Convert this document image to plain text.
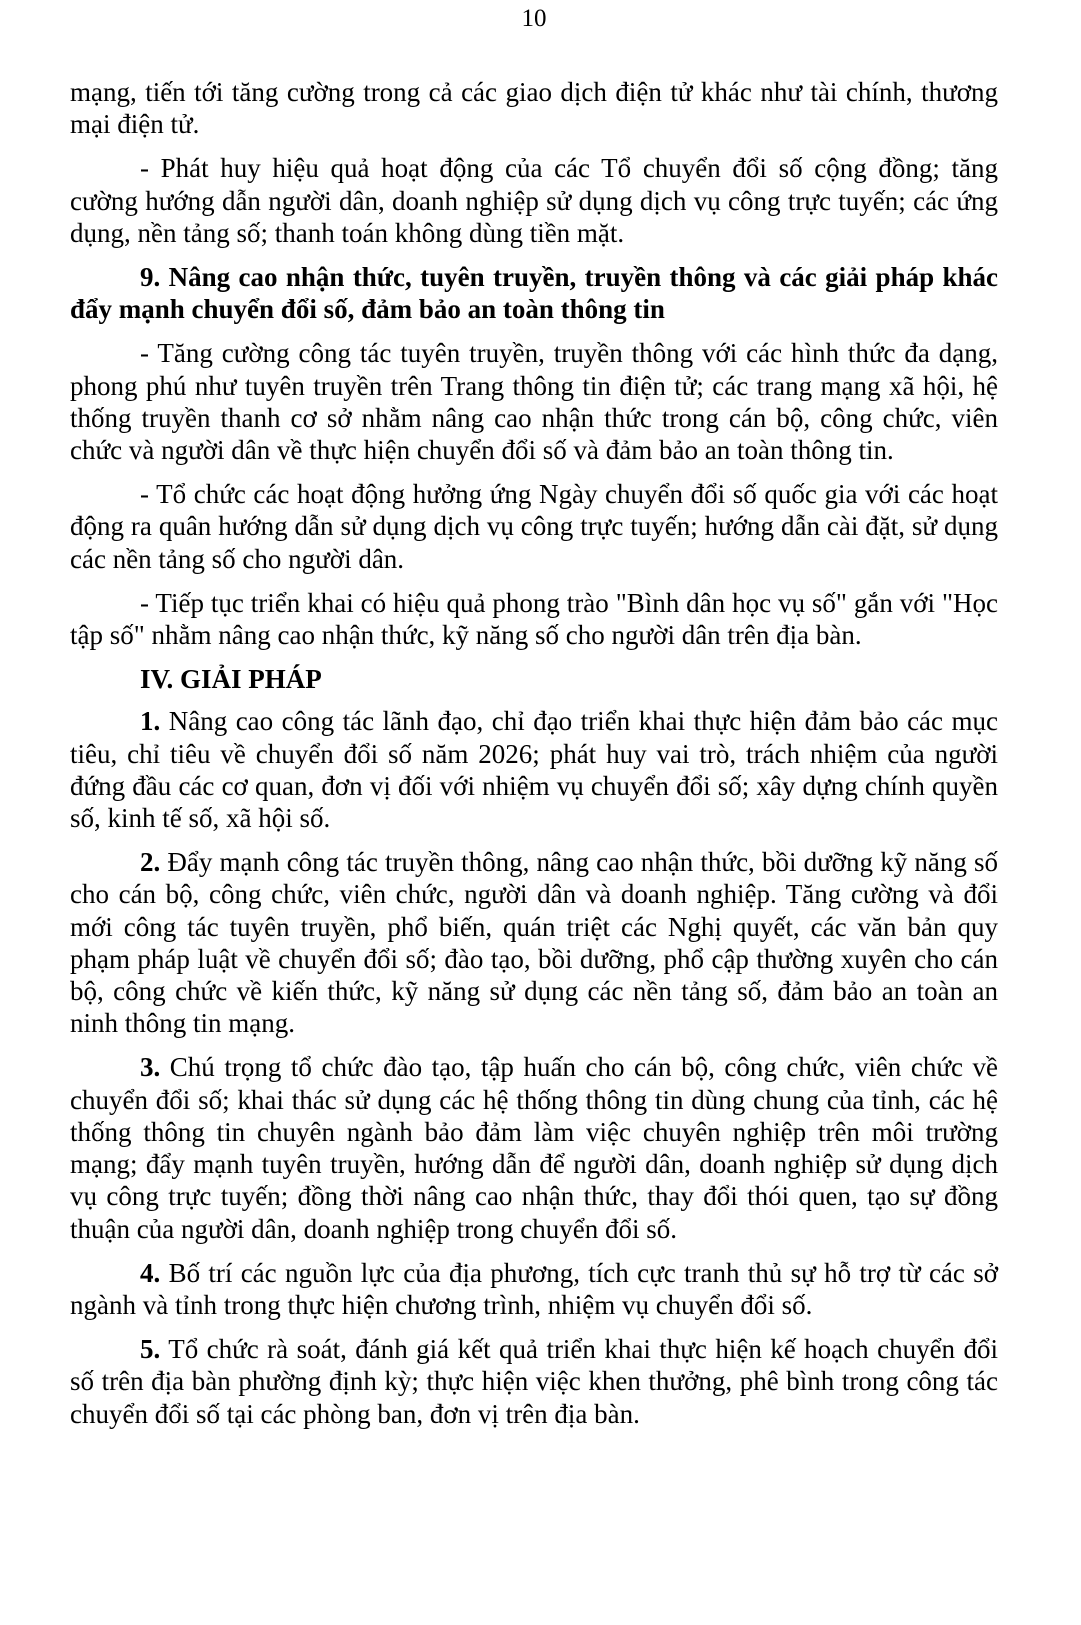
10

mạng, tiến tới tăng cường trong cả các giao dịch điện tử khác như tài chính, thương mại điện tử.

- Phát huy hiệu quả hoạt động của các Tổ chuyển đổi số cộng đồng; tăng cường hướng dẫn người dân, doanh nghiệp sử dụng dịch vụ công trực tuyến; các ứng dụng, nền tảng số; thanh toán không dùng tiền mặt.

9. Nâng cao nhận thức, tuyên truyền, truyền thông và các giải pháp khác đẩy mạnh chuyển đổi số, đảm bảo an toàn thông tin

- Tăng cường công tác tuyên truyền, truyền thông với các hình thức đa dạng, phong phú như tuyên truyền trên Trang thông tin điện tử; các trang mạng xã hội, hệ thống truyền thanh cơ sở nhằm nâng cao nhận thức trong cán bộ, công chức, viên chức và người dân về thực hiện chuyển đổi số và đảm bảo an toàn thông tin.

- Tổ chức các hoạt động hưởng ứng Ngày chuyển đổi số quốc gia với các hoạt động ra quân hướng dẫn sử dụng dịch vụ công trực tuyến; hướng dẫn cài đặt, sử dụng các nền tảng số cho người dân.

- Tiếp tục triển khai có hiệu quả phong trào "Bình dân học vụ số" gắn với "Học tập số" nhằm nâng cao nhận thức, kỹ năng số cho người dân trên địa bàn.

IV. GIẢI PHÁP

1. Nâng cao công tác lãnh đạo, chỉ đạo triển khai thực hiện đảm bảo các mục tiêu, chỉ tiêu về chuyển đổi số năm 2026; phát huy vai trò, trách nhiệm của người đứng đầu các cơ quan, đơn vị đối với nhiệm vụ chuyển đổi số; xây dựng chính quyền số, kinh tế số, xã hội số.

2. Đẩy mạnh công tác truyền thông, nâng cao nhận thức, bồi dưỡng kỹ năng số cho cán bộ, công chức, viên chức, người dân và doanh nghiệp. Tăng cường và đổi mới công tác tuyên truyền, phổ biến, quán triệt các Nghị quyết, các văn bản quy phạm pháp luật về chuyển đổi số; đào tạo, bồi dưỡng, phổ cập thường xuyên cho cán bộ, công chức về kiến thức, kỹ năng sử dụng các nền tảng số, đảm bảo an toàn an ninh thông tin mạng.

3. Chú trọng tổ chức đào tạo, tập huấn cho cán bộ, công chức, viên chức về chuyển đổi số; khai thác sử dụng các hệ thống thông tin dùng chung của tỉnh, các hệ thống thông tin chuyên ngành bảo đảm làm việc chuyên nghiệp trên môi trường mạng; đẩy mạnh tuyên truyền, hướng dẫn để người dân, doanh nghiệp sử dụng dịch vụ công trực tuyến; đồng thời nâng cao nhận thức, thay đổi thói quen, tạo sự đồng thuận của người dân, doanh nghiệp trong chuyển đổi số.

4. Bố trí các nguồn lực của địa phương, tích cực tranh thủ sự hỗ trợ từ các sở ngành và tỉnh trong thực hiện chương trình, nhiệm vụ chuyển đổi số.

5. Tổ chức rà soát, đánh giá kết quả triển khai thực hiện kế hoạch chuyển đổi số trên địa bàn phường định kỳ; thực hiện việc khen thưởng, phê bình trong công tác chuyển đổi số tại các phòng ban, đơn vị trên địa bàn.
